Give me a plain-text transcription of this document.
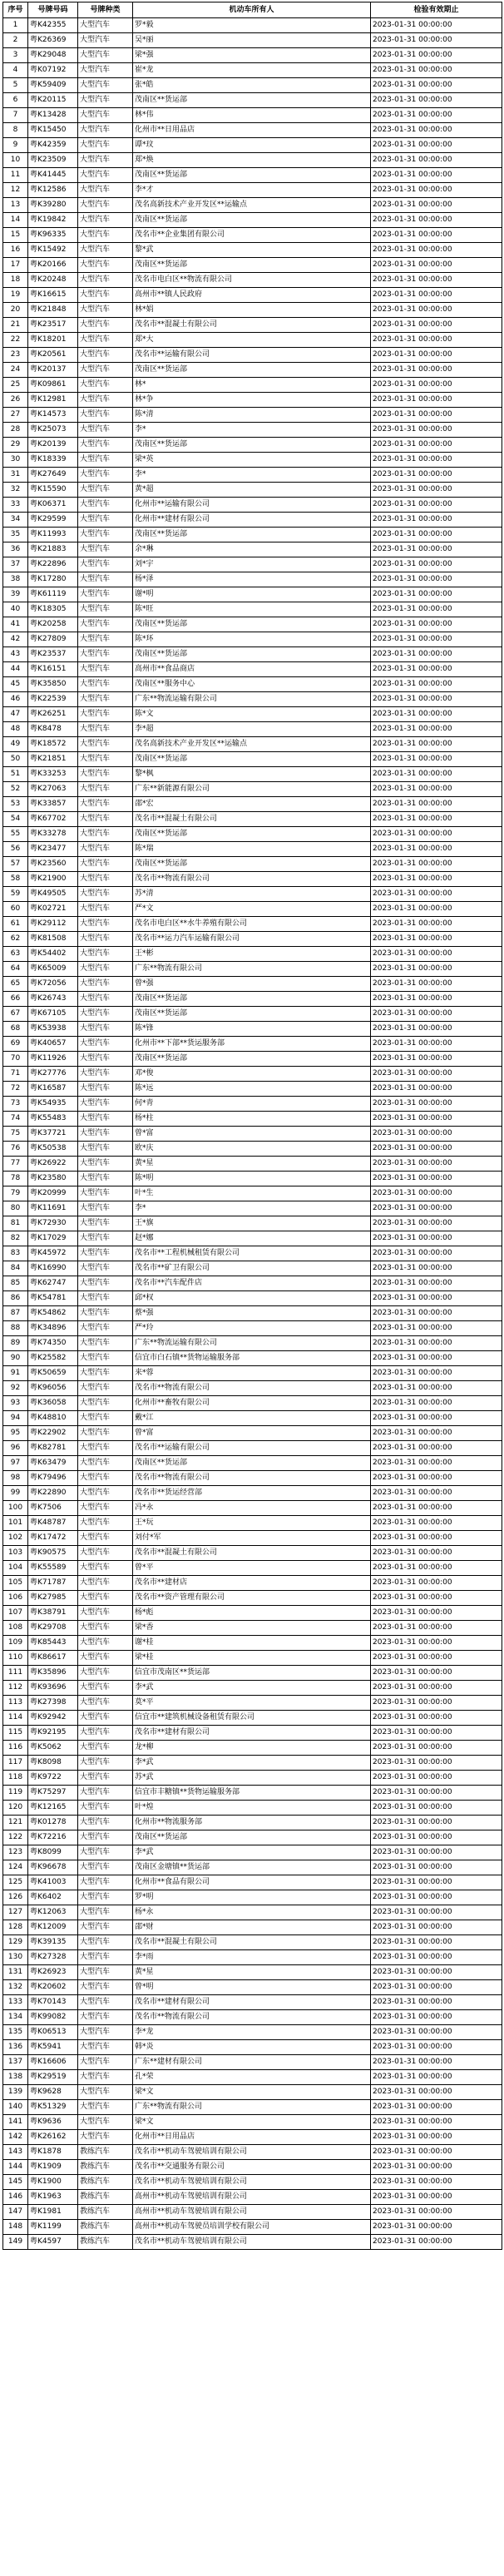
序号	号牌号码	号牌种类	机动车所有人	检验有效期止
1	粤K42355	大型汽车	罗*毅	2023-01-31 00:00:00
2	粤K26369	大型汽车	吴*丽	2023-01-31 00:00:00
3	粤K29048	大型汽车	梁*强	2023-01-31 00:00:00
4	粤K07192	大型汽车	崔*龙	2023-01-31 00:00:00
5	粤K59409	大型汽车	张*皓	2023-01-31 00:00:00
6	粤K20115	大型汽车	茂南区**货运部	2023-01-31 00:00:00
7	粤K13428	大型汽车	林*伟	2023-01-31 00:00:00
8	粤K15450	大型汽车	化州市**日用品店	2023-01-31 00:00:00
9	粤K42359	大型汽车	谭*玟	2023-01-31 00:00:00
10	粤K23509	大型汽车	郑*焕	2023-01-31 00:00:00
11	粤K41445	大型汽车	茂南区**货运部	2023-01-31 00:00:00
12	粤K12586	大型汽车	李*才	2023-01-31 00:00:00
13	粤K39280	大型汽车	茂名高新技术产业开发区**运输点	2023-01-31 00:00:00
14	粤K19842	大型汽车	茂南区**货运部	2023-01-31 00:00:00
15	粤K96335	大型汽车	茂名市**企业集团有限公司	2023-01-31 00:00:00
16	粤K15492	大型汽车	黎*武	2023-01-31 00:00:00
17	粤K20166	大型汽车	茂南区**货运部	2023-01-31 00:00:00
18	粤K20248	大型汽车	茂名市电白区**物流有限公司	2023-01-31 00:00:00
19	粤K16615	大型汽车	高州市**镇人民政府	2023-01-31 00:00:00
20	粤K21848	大型汽车	林*娟	2023-01-31 00:00:00
21	粤K23517	大型汽车	茂名市**混凝土有限公司	2023-01-31 00:00:00
22	粤K18201	大型汽车	郑*大	2023-01-31 00:00:00
23	粤K20561	大型汽车	茂名市**运输有限公司	2023-01-31 00:00:00
24	粤K20137	大型汽车	茂南区**货运部	2023-01-31 00:00:00
25	粤K09861	大型汽车	林*	2023-01-31 00:00:00
26	粤K12981	大型汽车	林*争	2023-01-31 00:00:00
27	粤K14573	大型汽车	陈*清	2023-01-31 00:00:00
28	粤K25073	大型汽车	李*	2023-01-31 00:00:00
29	粤K20139	大型汽车	茂南区**货运部	2023-01-31 00:00:00
30	粤K18339	大型汽车	梁*英	2023-01-31 00:00:00
31	粤K27649	大型汽车	李*	2023-01-31 00:00:00
32	粤K15590	大型汽车	黄*超	2023-01-31 00:00:00
33	粤K06371	大型汽车	化州市**运输有限公司	2023-01-31 00:00:00
34	粤K29599	大型汽车	化州市**建材有限公司	2023-01-31 00:00:00
35	粤K11993	大型汽车	茂南区**货运部	2023-01-31 00:00:00
36	粤K21883	大型汽车	余*琳	2023-01-31 00:00:00
37	粤K22896	大型汽车	刘*宇	2023-01-31 00:00:00
38	粤K17280	大型汽车	杨*泽	2023-01-31 00:00:00
39	粤K61119	大型汽车	谢*明	2023-01-31 00:00:00
40	粤K18305	大型汽车	陈*旺	2023-01-31 00:00:00
41	粤K20258	大型汽车	茂南区**货运部	2023-01-31 00:00:00
42	粤K27809	大型汽车	陈*环	2023-01-31 00:00:00
43	粤K23537	大型汽车	茂南区**货运部	2023-01-31 00:00:00
44	粤K16151	大型汽车	高州市**食品商店	2023-01-31 00:00:00
45	粤K35850	大型汽车	茂南区**服务中心	2023-01-31 00:00:00
46	粤K22539	大型汽车	广东**物流运输有限公司	2023-01-31 00:00:00
47	粤K26251	大型汽车	陈*文	2023-01-31 00:00:00
48	粤K8478	大型汽车	李*超	2023-01-31 00:00:00
49	粤K18572	大型汽车	茂名高新技术产业开发区**运输点	2023-01-31 00:00:00
50	粤K21851	大型汽车	茂南区**货运部	2023-01-31 00:00:00
51	粤K33253	大型汽车	黎*枫	2023-01-31 00:00:00
52	粤K27063	大型汽车	广东**新能源有限公司	2023-01-31 00:00:00
53	粤K33857	大型汽车	邵*宏	2023-01-31 00:00:00
54	粤K67702	大型汽车	茂名市**混凝土有限公司	2023-01-31 00:00:00
55	粤K33278	大型汽车	茂南区**货运部	2023-01-31 00:00:00
56	粤K23477	大型汽车	陈*瑞	2023-01-31 00:00:00
57	粤K23560	大型汽车	茂南区**货运部	2023-01-31 00:00:00
58	粤K21900	大型汽车	茂名市**物流有限公司	2023-01-31 00:00:00
59	粤K49505	大型汽车	苏*清	2023-01-31 00:00:00
60	粤K02721	大型汽车	严*文	2023-01-31 00:00:00
61	粤K29112	大型汽车	茂名市电白区**水牛养殖有限公司	2023-01-31 00:00:00
62	粤K81508	大型汽车	茂名市**运力汽车运输有限公司	2023-01-31 00:00:00
63	粤K54402	大型汽车	王*彬	2023-01-31 00:00:00
64	粤K65009	大型汽车	广东**物流有限公司	2023-01-31 00:00:00
65	粤K72056	大型汽车	曾*强	2023-01-31 00:00:00
66	粤K26743	大型汽车	茂南区**货运部	2023-01-31 00:00:00
67	粤K67105	大型汽车	茂南区**货运部	2023-01-31 00:00:00
68	粤K53938	大型汽车	陈*锋	2023-01-31 00:00:00
69	粤K40657	大型汽车	化州市**下部**货运服务部	2023-01-31 00:00:00
70	粤K11926	大型汽车	茂南区**货运部	2023-01-31 00:00:00
71	粤K27776	大型汽车	邓*俊	2023-01-31 00:00:00
72	粤K16587	大型汽车	陈*远	2023-01-31 00:00:00
73	粤K54935	大型汽车	何*青	2023-01-31 00:00:00
74	粤K55483	大型汽车	杨*柱	2023-01-31 00:00:00
75	粤K37721	大型汽车	曾*富	2023-01-31 00:00:00
76	粤K50538	大型汽车	欧*庆	2023-01-31 00:00:00
77	粤K26922	大型汽车	黄*星	2023-01-31 00:00:00
78	粤K23580	大型汽车	陈*明	2023-01-31 00:00:00
79	粤K20999	大型汽车	叶*生	2023-01-31 00:00:00
80	粤K11691	大型汽车	李*	2023-01-31 00:00:00
81	粤K72930	大型汽车	王*旗	2023-01-31 00:00:00
82	粤K17029	大型汽车	赵*娜	2023-01-31 00:00:00
83	粤K45972	大型汽车	茂名市**工程机械租赁有限公司	2023-01-31 00:00:00
84	粤K16990	大型汽车	茂名市**矿卫有限公司	2023-01-31 00:00:00
85	粤K62747	大型汽车	茂名市**汽车配件店	2023-01-31 00:00:00
86	粤K54781	大型汽车	邱*权	2023-01-31 00:00:00
87	粤K54862	大型汽车	蔡*强	2023-01-31 00:00:00
88	粤K34896	大型汽车	严*玲	2023-01-31 00:00:00
89	粤K74350	大型汽车	广东**物流运输有限公司	2023-01-31 00:00:00
90	粤K25582	大型汽车	信宜市白石镇**货物运输服务部	2023-01-31 00:00:00
91	粤K50659	大型汽车	来*蓉	2023-01-31 00:00:00
92	粤K96056	大型汽车	茂名市**物流有限公司	2023-01-31 00:00:00
93	粤K36058	大型汽车	化州市**畜牧有限公司	2023-01-31 00:00:00
94	粤K48810	大型汽车	戴*江	2023-01-31 00:00:00
95	粤K22902	大型汽车	曾*富	2023-01-31 00:00:00
96	粤K82781	大型汽车	茂名市**运输有限公司	2023-01-31 00:00:00
97	粤K63479	大型汽车	茂南区**货运部	2023-01-31 00:00:00
98	粤K79496	大型汽车	茂名市**物流有限公司	2023-01-31 00:00:00
99	粤K22890	大型汽车	茂名市**货运经营部	2023-01-31 00:00:00
100	粤K7506	大型汽车	冯*永	2023-01-31 00:00:00
101	粤K48787	大型汽车	王*玩	2023-01-31 00:00:00
102	粤K17472	大型汽车	刘付*军	2023-01-31 00:00:00
103	粤K90575	大型汽车	茂名市**混凝土有限公司	2023-01-31 00:00:00
104	粤K55589	大型汽车	曾*平	2023-01-31 00:00:00
105	粤K71787	大型汽车	茂名市**建材店	2023-01-31 00:00:00
106	粤K27985	大型汽车	茂名市**资产管理有限公司	2023-01-31 00:00:00
107	粤K38791	大型汽车	杨*彪	2023-01-31 00:00:00
108	粤K29708	大型汽车	梁*香	2023-01-31 00:00:00
109	粤K85443	大型汽车	谢*桂	2023-01-31 00:00:00
110	粤K86617	大型汽车	梁*桂	2023-01-31 00:00:00
111	粤K35896	大型汽车	信宜市茂南区**货运部	2023-01-31 00:00:00
112	粤K93696	大型汽车	李*武	2023-01-31 00:00:00
113	粤K27398	大型汽车	莫*平	2023-01-31 00:00:00
114	粤K92942	大型汽车	信宜市**建筑机械设备租赁有限公司	2023-01-31 00:00:00
115	粤K92195	大型汽车	茂名市**建材有限公司	2023-01-31 00:00:00
116	粤K5062	大型汽车	龙*柳	2023-01-31 00:00:00
117	粤K8098	大型汽车	李*武	2023-01-31 00:00:00
118	粤K9722	大型汽车	苏*武	2023-01-31 00:00:00
119	粤K75297	大型汽车	信宜市丰糖镇**货物运输服务部	2023-01-31 00:00:00
120	粤K12165	大型汽车	叶*煌	2023-01-31 00:00:00
121	粤K01278	大型汽车	化州市**物流服务部	2023-01-31 00:00:00
122	粤K72216	大型汽车	茂南区**货运部	2023-01-31 00:00:00
123	粤K8099	大型汽车	李*武	2023-01-31 00:00:00
124	粤K96678	大型汽车	茂南区金塘镇**货运部	2023-01-31 00:00:00
125	粤K41003	大型汽车	化州市**食品有限公司	2023-01-31 00:00:00
126	粤K6402	大型汽车	罗*明	2023-01-31 00:00:00
127	粤K12063	大型汽车	杨*永	2023-01-31 00:00:00
128	粤K12009	大型汽车	邵*财	2023-01-31 00:00:00
129	粤K39135	大型汽车	茂名市**混凝土有限公司	2023-01-31 00:00:00
130	粤K27328	大型汽车	李*雨	2023-01-31 00:00:00
131	粤K26923	大型汽车	黄*星	2023-01-31 00:00:00
132	粤K20602	大型汽车	曾*明	2023-01-31 00:00:00
133	粤K70143	大型汽车	茂名市**建材有限公司	2023-01-31 00:00:00
134	粤K99082	大型汽车	茂名市**物流有限公司	2023-01-31 00:00:00
135	粤K06513	大型汽车	李*龙	2023-01-31 00:00:00
136	粤K5941	大型汽车	韩*炎	2023-01-31 00:00:00
137	粤K16606	大型汽车	广东**建材有限公司	2023-01-31 00:00:00
138	粤K29519	大型汽车	孔*荣	2023-01-31 00:00:00
139	粤K9628	大型汽车	梁*文	2023-01-31 00:00:00
140	粤K51329	大型汽车	广东**物流有限公司	2023-01-31 00:00:00
141	粤K9636	大型汽车	梁*文	2023-01-31 00:00:00
142	粤K26162	大型汽车	化州市**日用品店	2023-01-31 00:00:00
143	粤K1878	教练汽车	茂名市**机动车驾驶培训有限公司	2023-01-31 00:00:00
144	粤K1909	教练汽车	茂名市**交通服务有限公司	2023-01-31 00:00:00
145	粤K1900	教练汽车	茂名市**机动车驾驶培训有限公司	2023-01-31 00:00:00
146	粤K1963	教练汽车	高州市**机动车驾驶培训有限公司	2023-01-31 00:00:00
147	粤K1981	教练汽车	高州市**机动车驾驶培训有限公司	2023-01-31 00:00:00
148	粤K1199	教练汽车	高州市**机动车驾驶员培训学校有限公司	2023-01-31 00:00:00
149	粤K4597	教练汽车	茂名市**机动车驾驶培训有限公司	2023-01-31 00:00:00
